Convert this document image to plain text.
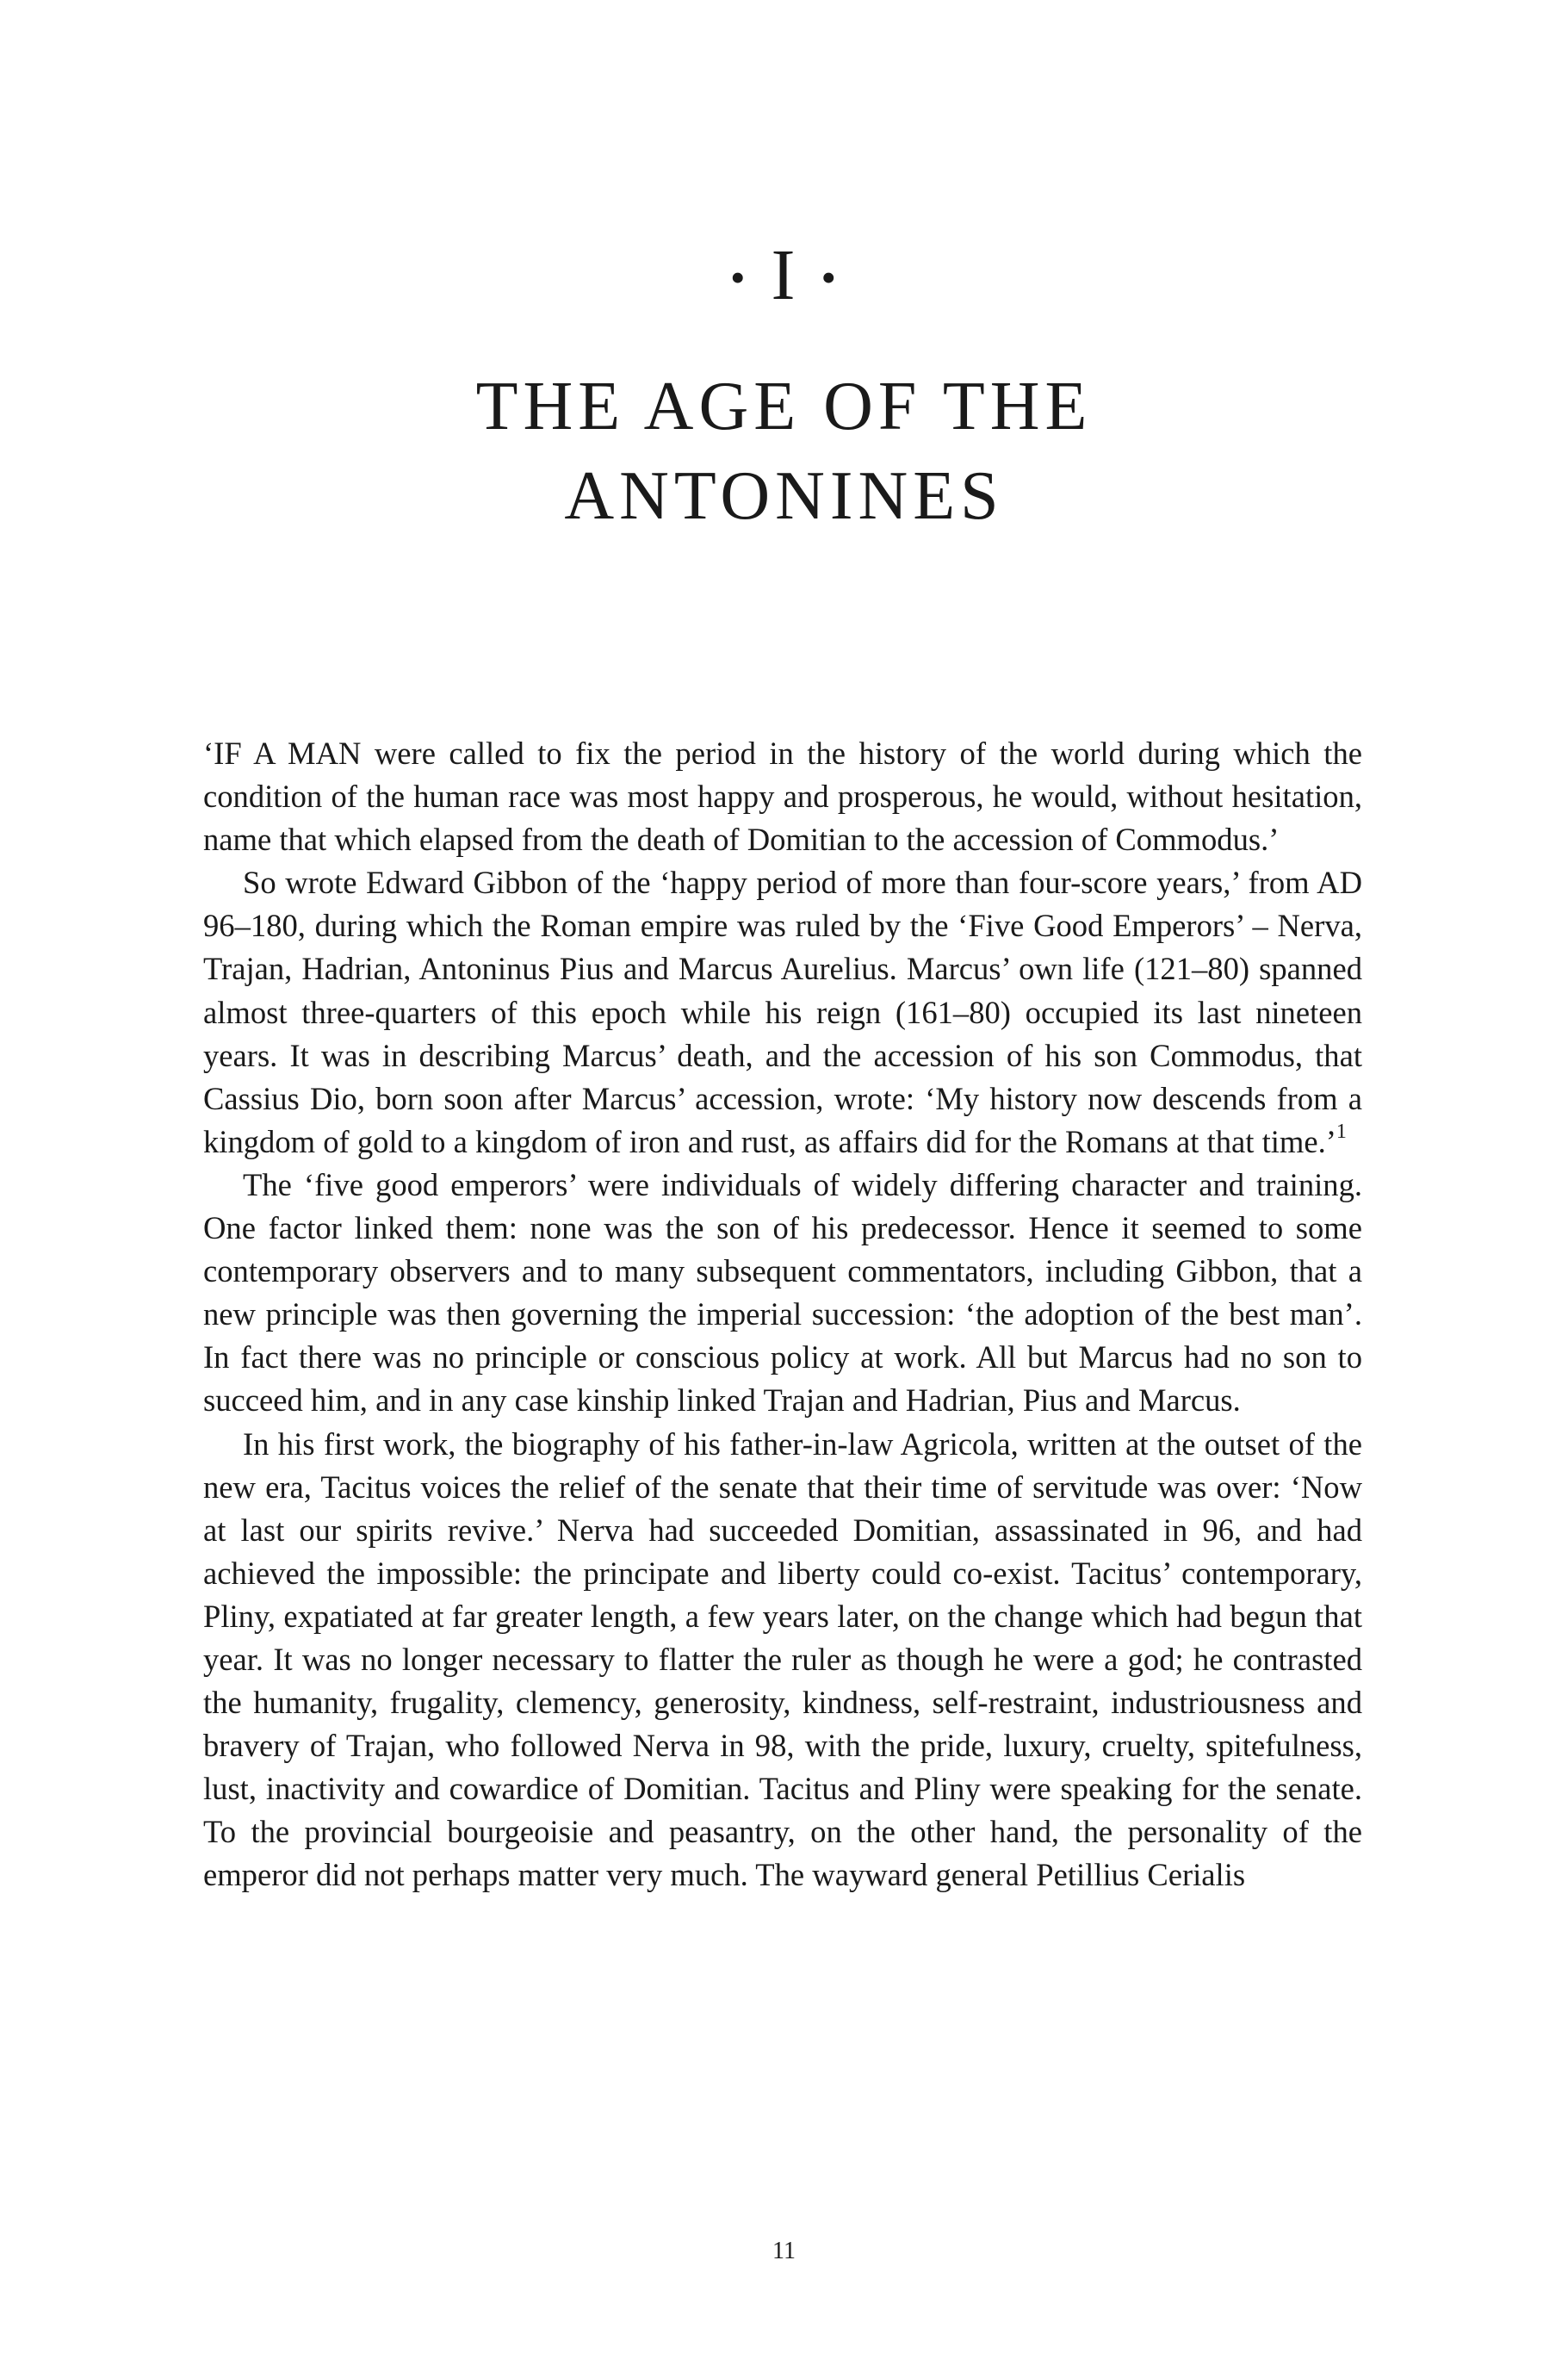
• I •
THE AGE OF THE
ANTONINES

‘IF A MAN were called to fix the period in the history of the world during which the condition of the human race was most happy and prosperous, he would, without hesitation, name that which elapsed from the death of Domitian to the accession of Commodus.’

So wrote Edward Gibbon of the ‘happy period of more than four-score years,’ from AD 96–180, during which the Roman empire was ruled by the ‘Five Good Emperors’ – Nerva, Trajan, Hadrian, Antoninus Pius and Marcus Aurelius. Marcus’ own life (121–80) spanned almost three-quarters of this epoch while his reign (161–80) occupied its last nineteen years. It was in describing Marcus’ death, and the accession of his son Commodus, that Cassius Dio, born soon after Marcus’ accession, wrote: ‘My history now descends from a kingdom of gold to a kingdom of iron and rust, as affairs did for the Romans at that time.’$^1$

The ‘five good emperors’ were individuals of widely differing character and training. One factor linked them: none was the son of his predecessor. Hence it seemed to some contemporary observers and to many subsequent commentators, including Gibbon, that a new principle was then governing the imperial succession: ‘the adoption of the best man’. In fact there was no principle or conscious policy at work. All but Marcus had no son to succeed him, and in any case kinship linked Trajan and Hadrian, Pius and Marcus.

In his first work, the biography of his father-in-law Agricola, written at the outset of the new era, Tacitus voices the relief of the senate that their time of servitude was over: ‘Now at last our spirits revive.’ Nerva had succeeded Domitian, assassinated in 96, and had achieved the impossible: the principate and liberty could co-exist. Tacitus’ contemporary, Pliny, expatiated at far greater length, a few years later, on the change which had begun that year. It was no longer necessary to flatter the ruler as though he were a god; he contrasted the humanity, frugality, clemency, generosity, kindness, self-restraint, industriousness and bravery of Trajan, who followed Nerva in 98, with the pride, luxury, cruelty, spitefulness, lust, inactivity and cowardice of Domitian. Tacitus and Pliny were speaking for the senate. To the provincial bourgeoisie and peasantry, on the other hand, the personality of the emperor did not perhaps matter very much. The wayward general Petillius Cerialis

11
